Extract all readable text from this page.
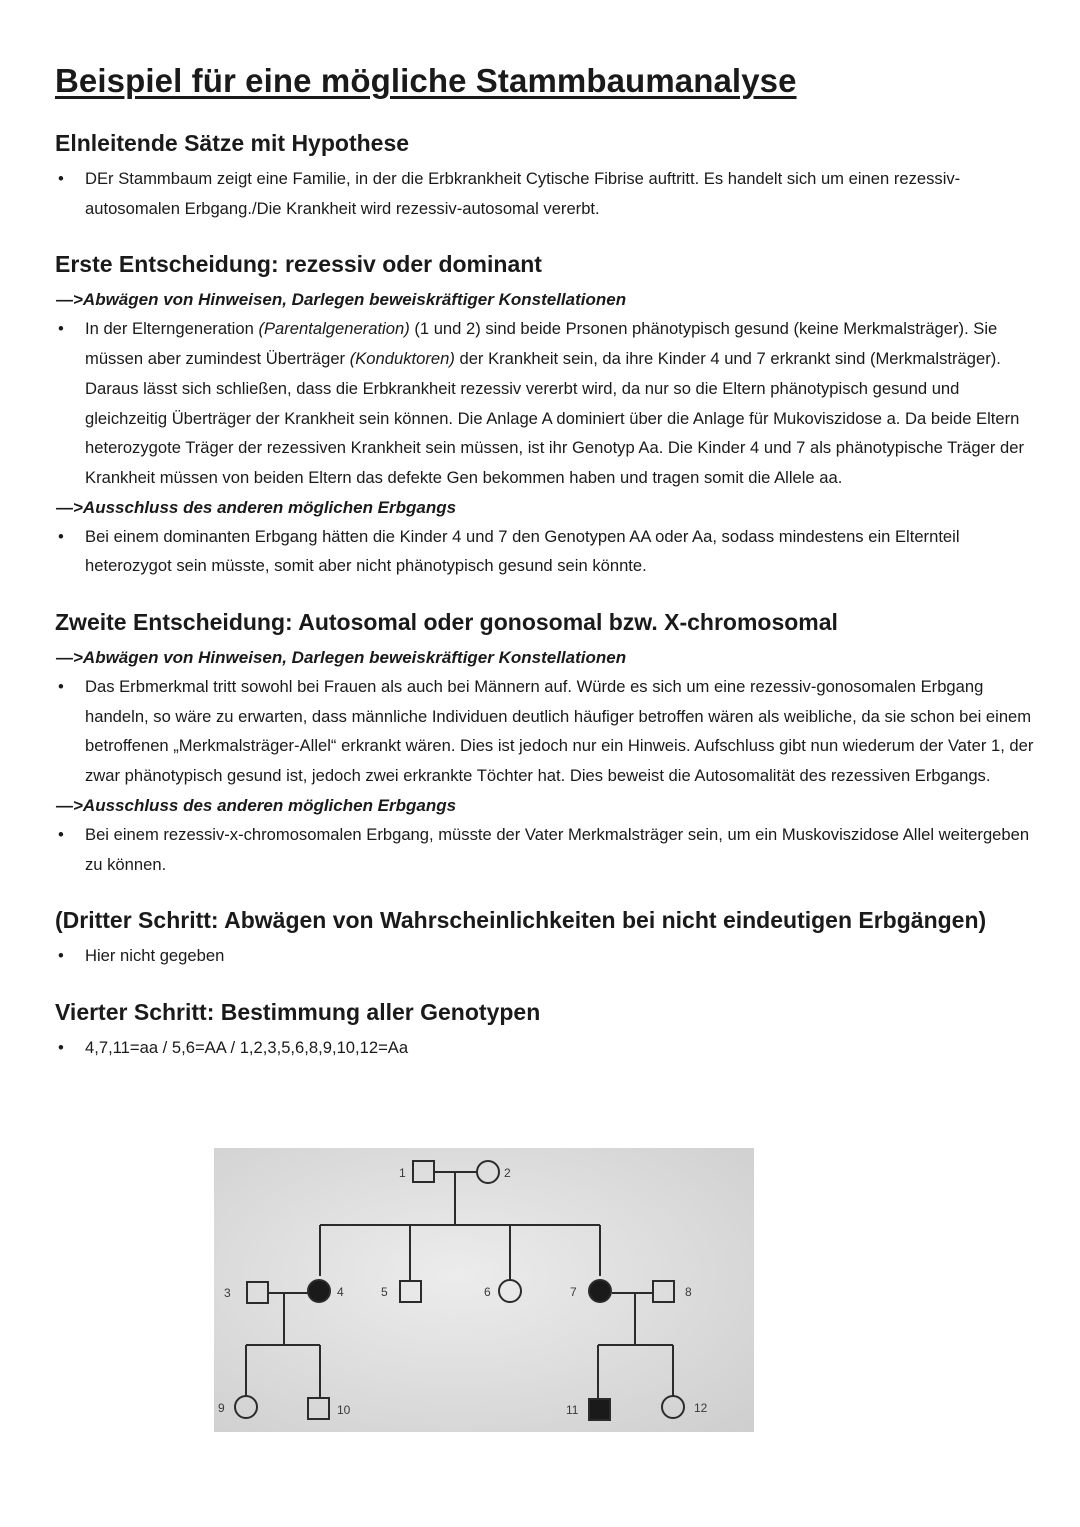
Beispiel für eine mögliche Stammbaumanalyse
Elnleitende Sätze mit Hypothese
•	DEr Stammbaum zeigt eine Familie, in der die Erbkrankheit Cytische Fibrise auftritt. Es handelt sich um einen rezessiv-autosomalen Erbgang./Die Krankheit wird rezessiv-autosomal vererbt.
Erste Entscheidung: rezessiv oder dominant
—>Abwägen von Hinweisen, Darlegen beweiskräftiger Konstellationen
•	In der Elterngeneration (Parentalgeneration) (1 und 2) sind beide Prsonen phänotypisch gesund (keine Merkmalsträger). Sie müssen aber zumindest Überträger (Konduktoren) der Krankheit sein, da ihre Kinder 4 und 7 erkrankt sind (Merkmalsträger). Daraus lässt sich schließen, dass die Erbkrankheit rezessiv vererbt wird, da nur so die Eltern phänotypisch gesund und gleichzeitig Überträger der Krankheit sein können. Die Anlage A dominiert über die Anlage für Mukoviszidose a. Da beide Eltern heterozygote Träger der rezessiven Krankheit sein müssen, ist ihr Genotyp Aa. Die Kinder 4 und 7 als phänotypische Träger der Krankheit müssen von beiden Eltern das defekte Gen bekommen haben und tragen somit die Allele aa.
—>Ausschluss des anderen möglichen Erbgangs
•	Bei einem dominanten Erbgang hätten die Kinder 4 und 7 den Genotypen AA oder Aa, sodass mindestens ein Elternteil heterozygot sein müsste, somit aber nicht phänotypisch gesund sein könnte.
Zweite Entscheidung: Autosomal oder gonosomal bzw. X-chromosomal
—>Abwägen von Hinweisen, Darlegen beweiskräftiger Konstellationen
•	Das Erbmerkmal tritt sowohl bei Frauen als auch bei Männern auf. Würde es sich um eine rezessiv-gonosomalen Erbgang handeln, so wäre zu erwarten, dass männliche Individuen deutlich häufiger betroffen wären als weibliche, da sie schon bei einem betroffenen „Merkmalsträger-Allel“ erkrankt wären. Dies ist jedoch nur ein Hinweis. Aufschluss gibt nun wiederum der Vater 1, der zwar phänotypisch gesund ist, jedoch zwei erkrankte Töchter hat. Dies beweist die Autosomalität des rezessiven Erbgangs.
—>Ausschluss des anderen möglichen Erbgangs
•	Bei einem rezessiv-x-chromosomalen Erbgang, müsste der Vater Merkmalsträger sein, um ein Muskoviszidose Allel weitergeben zu können.
(Dritter Schritt: Abwägen von Wahrscheinlichkeiten bei nicht eindeutigen Erbgängen)
•	Hier nicht gegeben
Vierter Schritt: Bestimmung aller Genotypen
•	4,7,11=aa / 5,6=AA / 1,2,3,5,6,8,9,10,12=Aa
1	2
3	4	5	6	7	8
9	10	11	12
